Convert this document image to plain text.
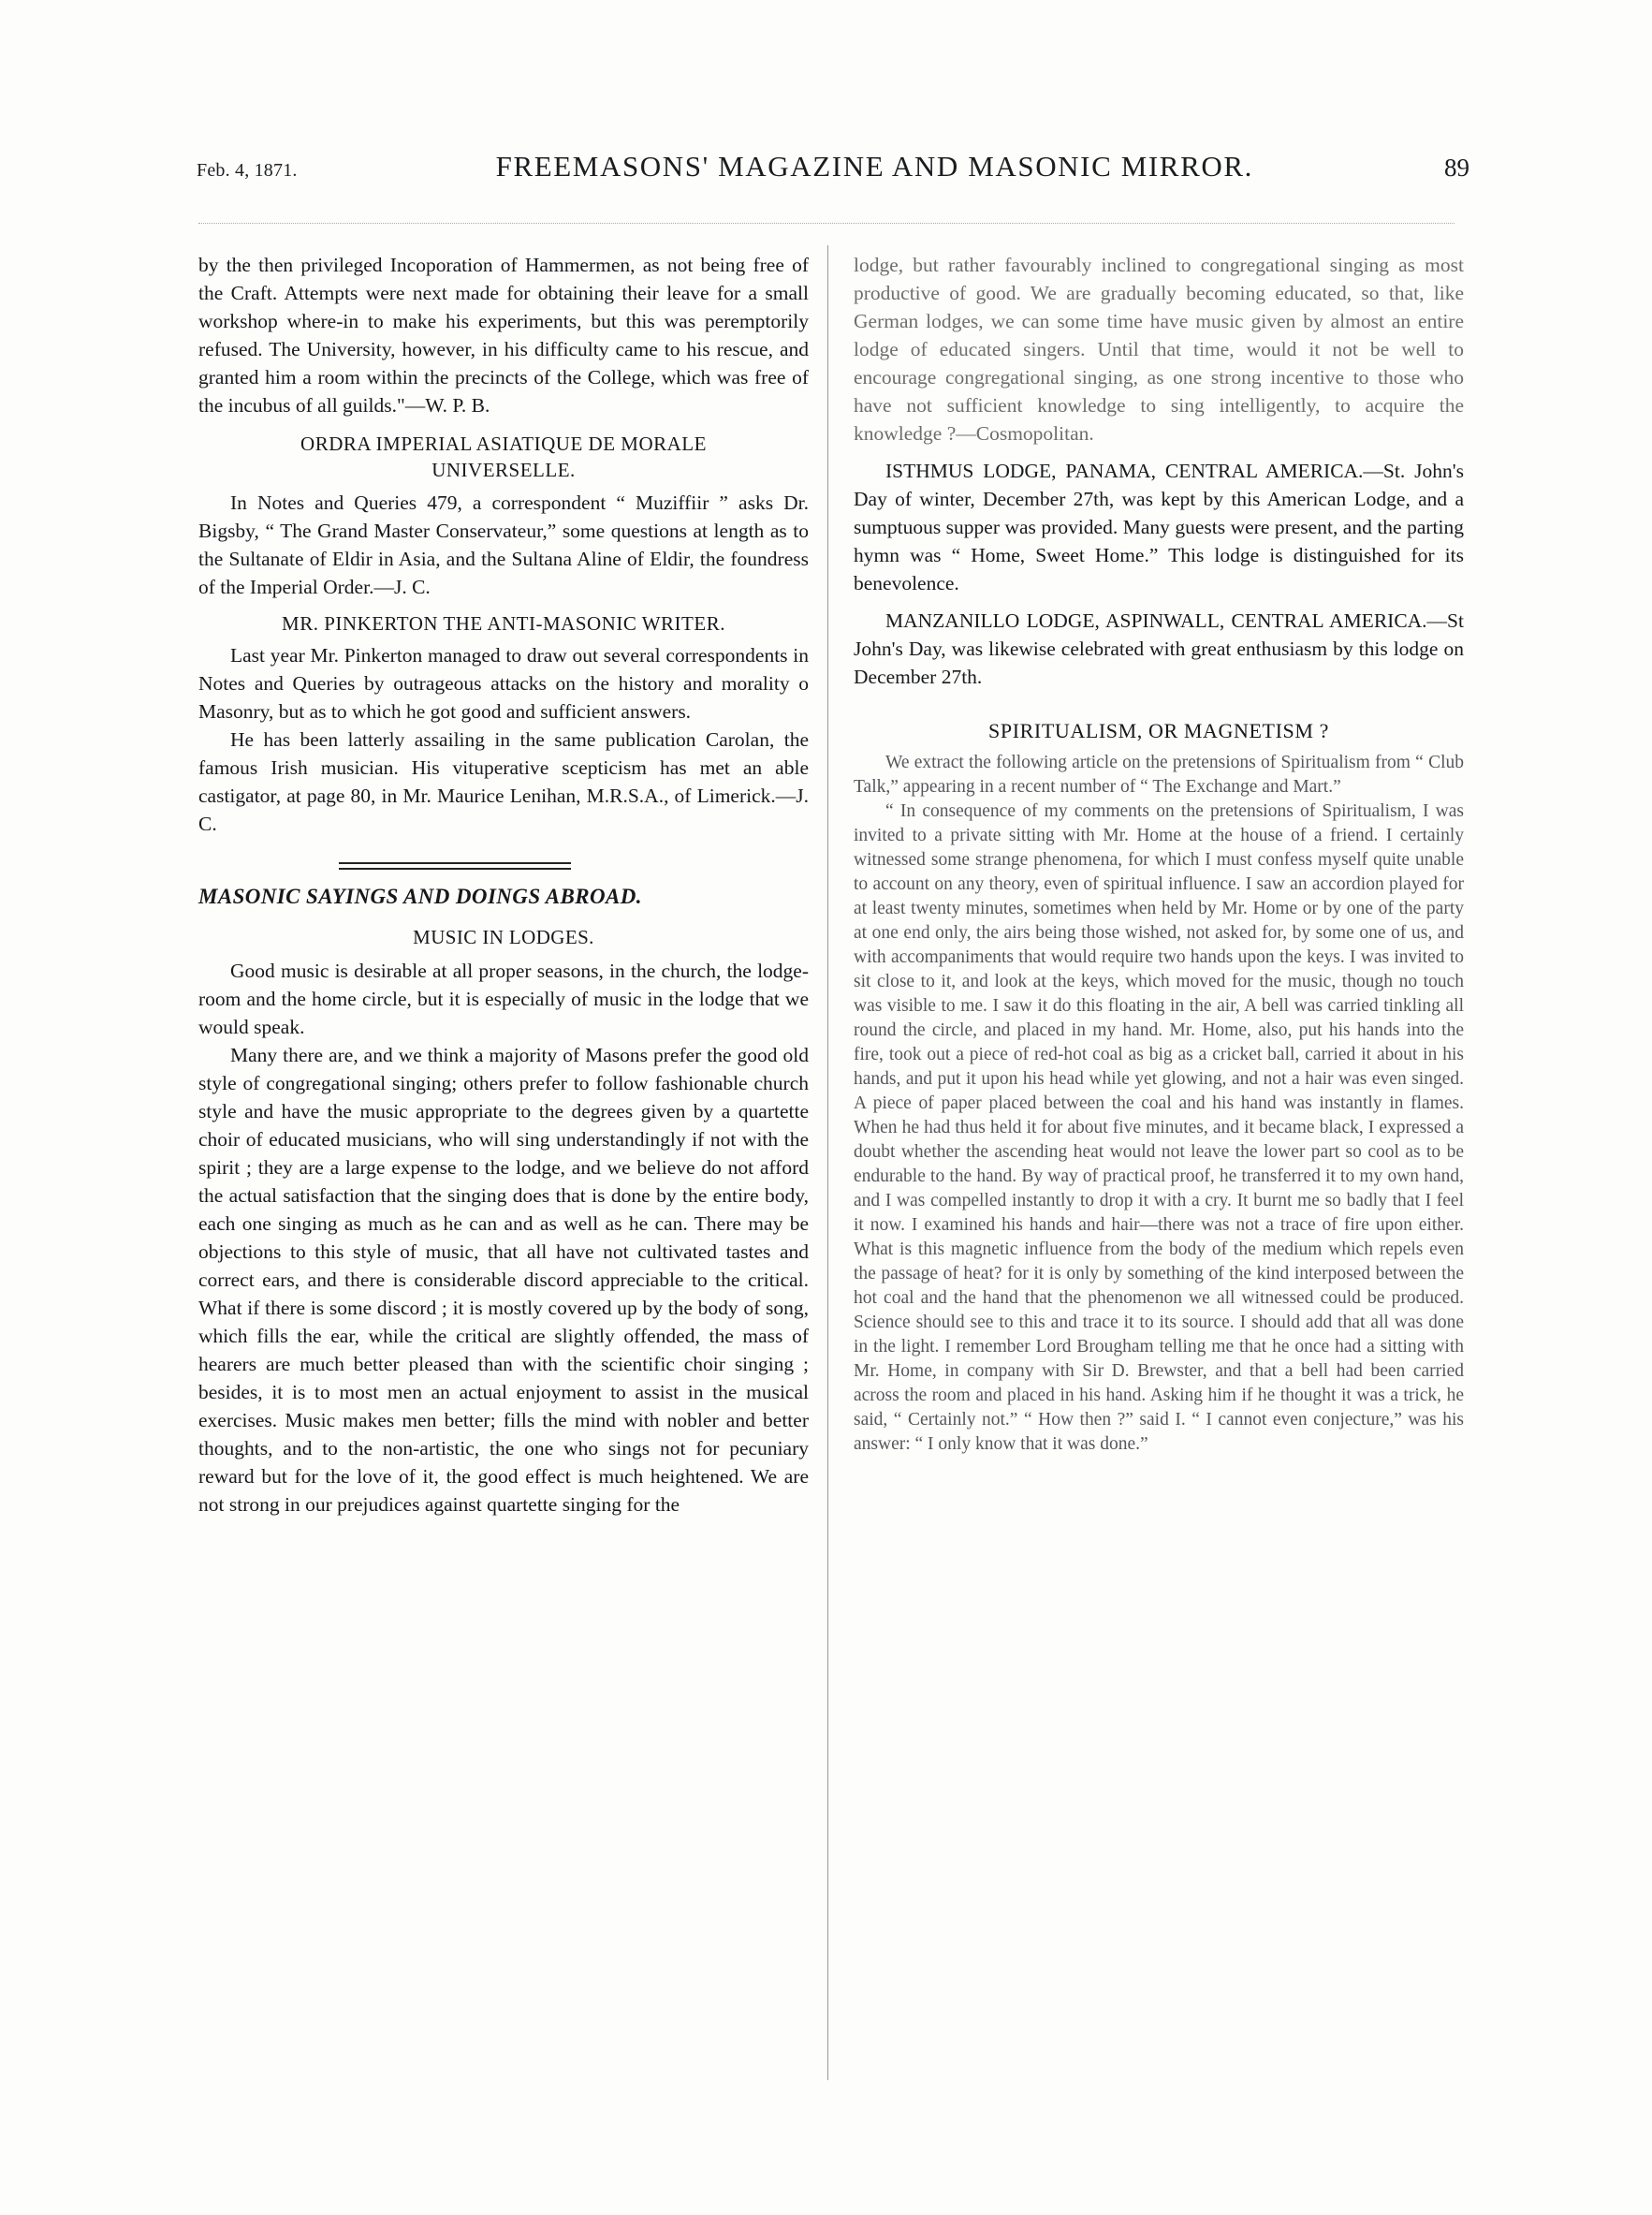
Feb. 4, 1871.	FREEMASONS' MAGAZINE AND MASONIC MIRROR.	89

by the then privileged Incoporation of Hammermen, as not being free of the Craft. Attempts were next made for obtaining their leave for a small workshop where-in to make his experiments, but this was peremptorily refused. The University, however, in his difficulty came to his rescue, and granted him a room within the precincts of the College, which was free of the incubus of all guilds."—W. P. B.

ORDRA IMPERIAL ASIATIQUE DE MORALE
UNIVERSELLE.

In Notes and Queries 479, a correspondent “ Muziffiir ” asks Dr. Bigsby, “ The Grand Master Conservateur,” some questions at length as to the Sultanate of Eldir in Asia, and the Sultana Aline of Eldir, the foundress of the Imperial Order.—J. C.

MR. PINKERTON THE ANTI-MASONIC WRITER.

Last year Mr. Pinkerton managed to draw out several correspondents in Notes and Queries by outrageous attacks on the history and morality o Masonry, but as to which he got good and sufficient answers.

He has been latterly assailing in the same publication Carolan, the famous Irish musician. His vituperative scepticism has met an able castigator, at page 80, in Mr. Maurice Lenihan, M.R.S.A., of Limerick.—J. C.

MASONIC SAYINGS AND DOINGS ABROAD.
MUSIC IN LODGES.

Good music is desirable at all proper seasons, in the church, the lodge-room and the home circle, but it is especially of music in the lodge that we would speak.

Many there are, and we think a majority of Masons prefer the good old style of congregational singing; others prefer to follow fashionable church style and have the music appropriate to the degrees given by a quartette choir of educated musicians, who will sing understandingly if not with the spirit ; they are a large expense to the lodge, and we believe do not afford the actual satisfaction that the singing does that is done by the entire body, each one singing as much as he can and as well as he can. There may be objections to this style of music, that all have not cultivated tastes and correct ears, and there is considerable discord appreciable to the critical. What if there is some discord ; it is mostly covered up by the body of song, which fills the ear, while the critical are slightly offended, the mass of hearers are much better pleased than with the scientific choir singing ; besides, it is to most men an actual enjoyment to assist in the musical exercises. Music makes men better; fills the mind with nobler and better thoughts, and to the non-artistic, the one who sings not for pecuniary reward but for the love of it, the good effect is much heightened. We are not strong in our prejudices against quartette singing for the

lodge, but rather favourably inclined to congregational singing as most productive of good. We are gradually becoming educated, so that, like German lodges, we can some time have music given by almost an entire lodge of educated singers. Until that time, would it not be well to encourage congregational singing, as one strong incentive to those who have not sufficient knowledge to sing intelligently, to acquire the knowledge ?—Cosmopolitan.

ISTHMUS LODGE, PANAMA, CENTRAL AMERICA.—St. John's Day of winter, December 27th, was kept by this American Lodge, and a sumptuous supper was provided. Many guests were present, and the parting hymn was “ Home, Sweet Home.” This lodge is distinguished for its benevolence.

MANZANILLO LODGE, ASPINWALL, CENTRAL AMERICA.—St John's Day, was likewise celebrated with great enthusiasm by this lodge on December 27th.

SPIRITUALISM, OR MAGNETISM ?

We extract the following article on the pretensions of Spiritualism from “ Club Talk,” appearing in a recent number of “ The Exchange and Mart.”

“ In consequence of my comments on the pretensions of Spiritualism, I was invited to a private sitting with Mr. Home at the house of a friend. I certainly witnessed some strange phenomena, for which I must confess myself quite unable to account on any theory, even of spiritual influence. I saw an accordion played for at least twenty minutes, sometimes when held by Mr. Home or by one of the party at one end only, the airs being those wished, not asked for, by some one of us, and with accompaniments that would require two hands upon the keys. I was invited to sit close to it, and look at the keys, which moved for the music, though no touch was visible to me. I saw it do this floating in the air, A bell was carried tinkling all round the circle, and placed in my hand. Mr. Home, also, put his hands into the fire, took out a piece of red-hot coal as big as a cricket ball, carried it about in his hands, and put it upon his head while yet glowing, and not a hair was even singed. A piece of paper placed between the coal and his hand was instantly in flames. When he had thus held it for about five minutes, and it became black, I expressed a doubt whether the ascending heat would not leave the lower part so cool as to be endurable to the hand. By way of practical proof, he transferred it to my own hand, and I was compelled instantly to drop it with a cry. It burnt me so badly that I feel it now. I examined his hands and hair—there was not a trace of fire upon either. What is this magnetic influence from the body of the medium which repels even the passage of heat? for it is only by something of the kind interposed between the hot coal and the hand that the phenomenon we all witnessed could be produced. Science should see to this and trace it to its source. I should add that all was done in the light. I remember Lord Brougham telling me that he once had a sitting with Mr. Home, in company with Sir D. Brewster, and that a bell had been carried across the room and placed in his hand. Asking him if he thought it was a trick, he said, “ Certainly not.” “ How then ?” said I. “ I cannot even conjecture,” was his answer: “ I only know that it was done.”
